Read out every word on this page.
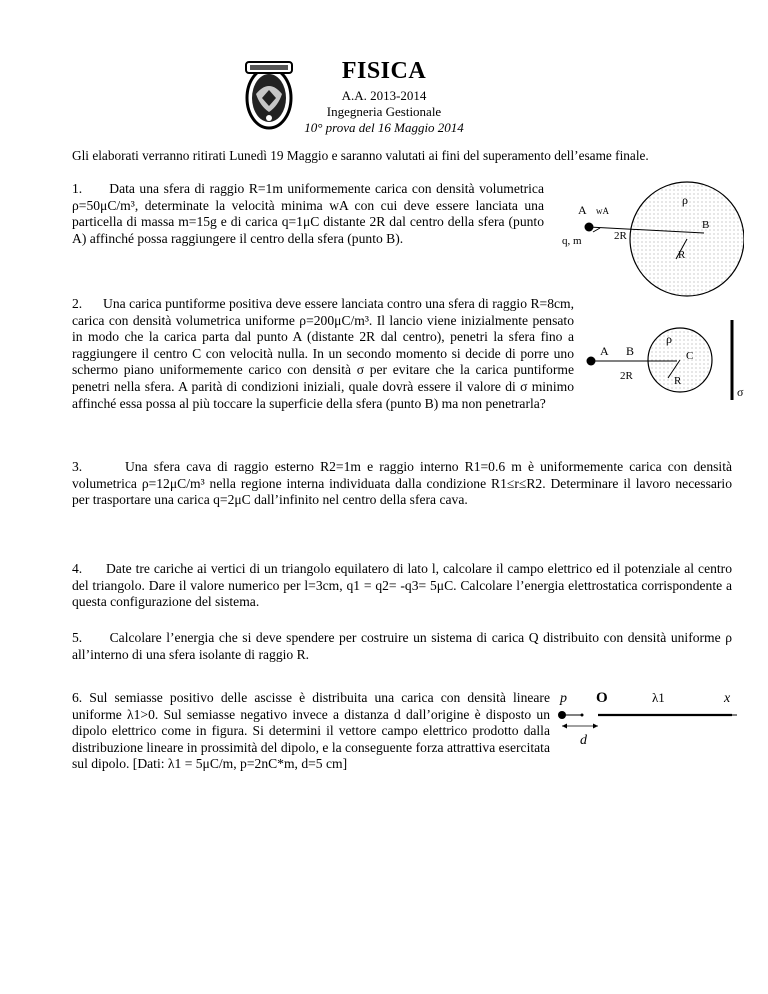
FISICA
A.A. 2013-2014
Ingegneria Gestionale
10° prova del 16 Maggio 2014
Gli elaborati verranno ritirati Lunedì 19 Maggio e saranno valutati ai fini del superamento dell’esame finale.
1. Data una sfera di raggio R=1m uniformemente carica con densità volumetrica ρ=50μC/m³, determinate la velocità minima wA con cui deve essere lanciata una particella di massa m=15g e di carica q=1μC distante 2R dal centro della sfera (punto A) affinché possa raggiungere il centro della sfera (punto B).
ρ
A wA
B
2R
q, m
R
2. Una carica puntiforme positiva deve essere lanciata contro una sfera di raggio R=8cm, carica con densità volumetrica uniforme ρ=200μC/m³. Il lancio viene inizialmente pensato in modo che la carica parta dal punto A (distante 2R dal centro), penetri la sfera fino a raggiungere il centro C con velocità nulla. In un secondo momento si decide di porre uno schermo piano uniformemente carico con densità σ per evitare che la carica puntiforme penetri nella sfera. A parità di condizioni iniziali, quale dovrà essere il valore di σ minimo affinché essa possa al più toccare la superficie della sfera (punto B) ma non penetrarla?
A B
ρ
C
2R	R
σ
3.	Una sfera cava di raggio esterno R2=1m e raggio interno R1=0.6 m è uniformemente carica con densità volumetrica ρ=12μC/m³ nella regione interna individuata dalla condizione R1≤r≤R2. Determinare il lavoro necessario per trasportare una carica q=2μC dall’infinito nel centro della sfera cava.
4. Date tre cariche ai vertici di un triangolo equilatero di lato l, calcolare il campo elettrico ed il potenziale al centro del triangolo. Dare il valore numerico per l=3cm, q1 = q2= -q3= 5μC. Calcolare l’energia elettrostatica corrispondente a questa configurazione del sistema.
5. Calcolare l’energia che si deve spendere per costruire un sistema di carica Q distribuito con densità uniforme ρ all’interno di una sfera isolante di raggio R.
6. Sul semiasse positivo delle ascisse è distribuita una carica con densità lineare uniforme λ1>0. Sul semiasse negativo invece a distanza d dall’origine è disposto un dipolo elettrico come in figura. Si determini il vettore campo elettrico prodotto dalla distribuzione lineare in prossimità del dipolo, e la conseguente forza attrattiva esercitata sul dipolo. [Dati: λ1 = 5μC/m, p=2nC*m, d=5 cm]
p O	λ1	x
d
